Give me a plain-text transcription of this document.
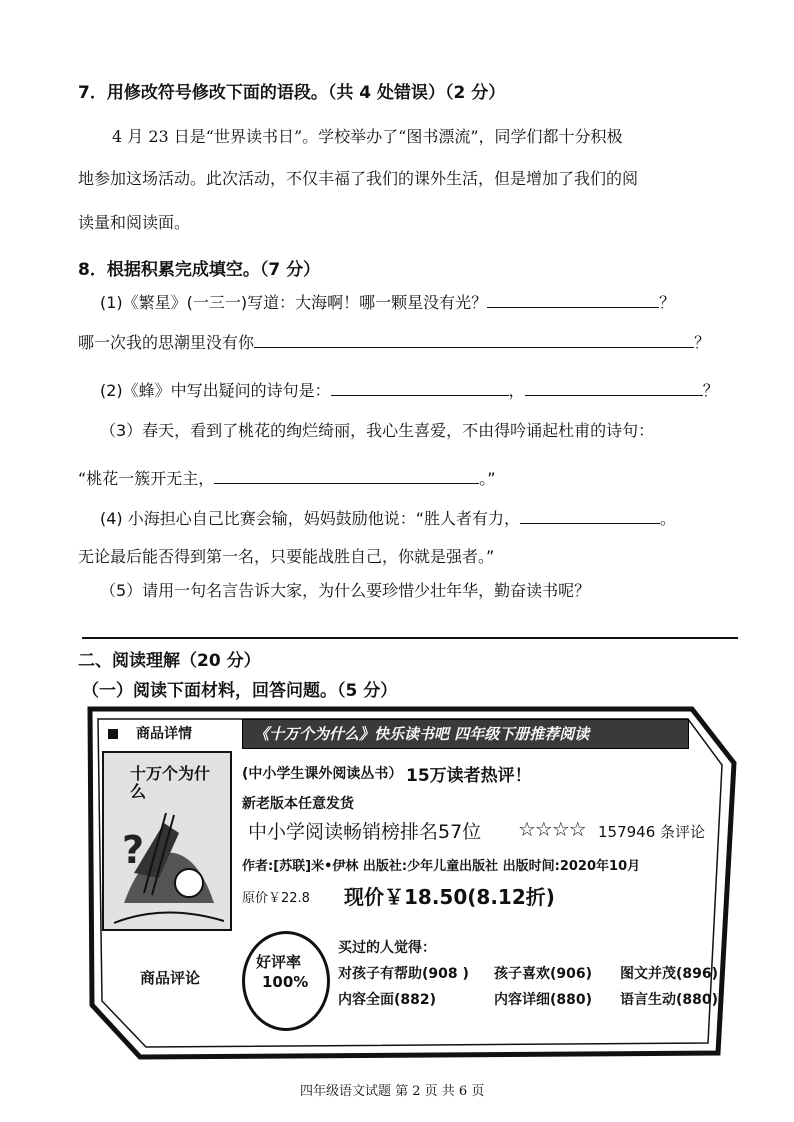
7．用修改符号修改下面的语段。（共 4 处错误）（2 分）
4 月 23 日是“世界读书日”。学校举办了“图书漂流”，同学们都十分积极
地参加这场活动。此次活动，不仅丰福了我们的课外生活，但是增加了我们的阅
读量和阅读面。
8．根据积累完成填空。（7 分）
(1)《繁星》(一三一)写道：大海啊！哪一颗星没有光？	？
哪一次我的思潮里没有你	？
(2)《蜂》中写出疑问的诗句是：	，	？
（3）春天，看到了桃花的绚烂绮丽，我心生喜爱，不由得吟诵起杜甫的诗句：
“桃花一簇开无主，	。”
(4) 小海担心自己比赛会输，妈妈鼓励他说：“胜人者有力，	。
无论最后能否得到第一名，只要能战胜自己，你就是强者。”
（5）请用一句名言告诉大家，为什么要珍惜少壮年华，勤奋读书呢？
二、阅读理解（20 分）
（一）阅读下面材料，回答问题。（5 分）
商品详情	《十万个为什么》快乐读书吧 四年级下册推荐阅读
?
十万个为什么
(中小学生课外阅读丛书） 15万读者热评！
新老版本任意发货
中小学阅读畅销榜排名57位 ☆☆☆☆ 157946 条评论
作者:[苏联]米•伊林 出版社:少年儿童出版社 出版时间:2020年10月
原价￥22.8 现价￥18.50(8.12折)
商品评论
好评率
100%
买过的人觉得：
对孩子有帮助(908 ) 孩子喜欢(906) 图文并茂(896)
内容全面(882)	内容详细(880) 语言生动(880)
四年级语文试题 第 2 页 共 6 页
